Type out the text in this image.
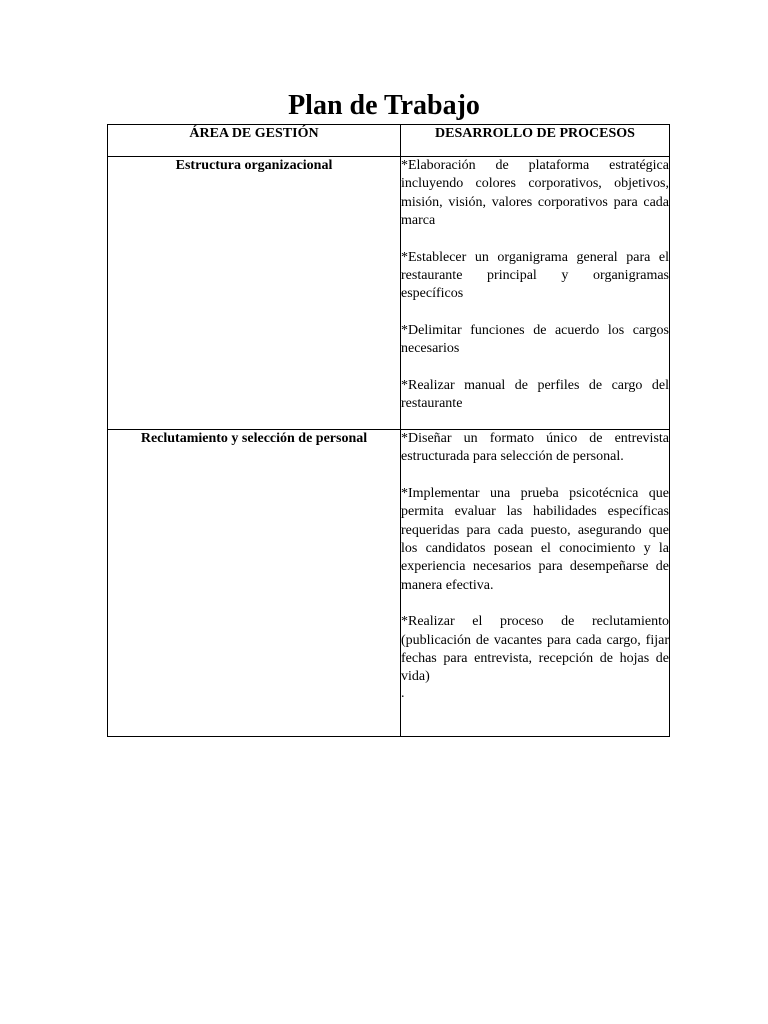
Plan de Trabajo
ÁREA DE GESTIÓN	DESARROLLO DE PROCESOS
Estructura organizacional	*Elaboración de plataforma estratégica incluyendo colores corporativos, objetivos, misión, visión, valores corporativos para cada marca

*Establecer un organigrama general para el restaurante principal y organigramas específicos

*Delimitar funciones de acuerdo los cargos necesarios

*Realizar manual de perfiles de cargo del restaurante

Reclutamiento y selección de personal	*Diseñar un formato único de entrevista estructurada para selección de personal.

*Implementar una prueba psicotécnica que permita evaluar las habilidades específicas requeridas para cada puesto, asegurando que los candidatos posean el conocimiento y la experiencia necesarios para desempeñarse de manera efectiva.

*Realizar el proceso de reclutamiento (publicación de vacantes para cada cargo, fijar fechas para entrevista, recepción de hojas de vida)

.
